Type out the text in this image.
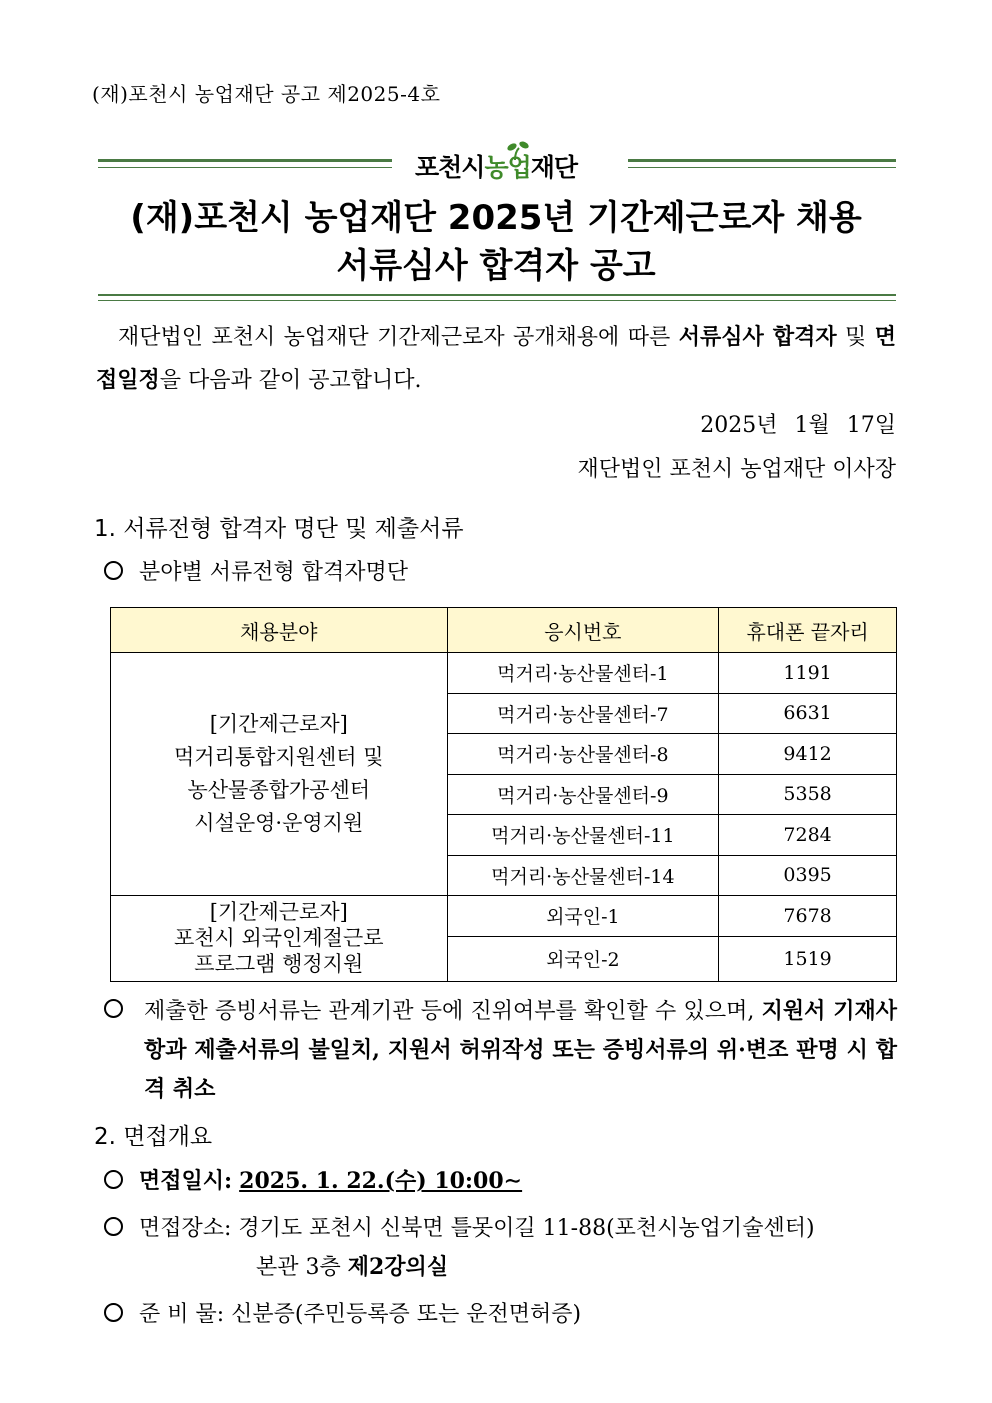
(재)포천시 농업재단 공고 제2025-4호
포천시농업재단
(재)포천시 농업재단 2025년 기간제근로자 채용
서류심사 합격자 공고
재단법인 포천시 농업재단 기간제근로자 공개채용에 따른 서류심사 합격자 및 면접일정을 다음과 같이 공고합니다.
2025년 1월 17일
재단법인 포천시 농업재단 이사장
1. 서류전형 합격자 명단 및 제출서류
분야별 서류전형 합격자명단
채용분야	응시번호	휴대폰 끝자리

[기간제근로자]
먹거리통합지원센터 및
농산물종합가공센터
시설운영·운영지원	먹거리·농산물센터-1	1191
	먹거리·농산물센터-7	6631
	먹거리·농산물센터-8	9412
	먹거리·농산물센터-9	5358
	먹거리·농산물센터-11	7284
	먹거리·농산물센터-14	0395

[기간제근로자]
포천시 외국인계절근로
프로그램 행정지원	외국인-1	7678
	외국인-2	1519
제출한 증빙서류는 관계기관 등에 진위여부를 확인할 수 있으며, 지원서 기재사항과 제출서류의 불일치, 지원서 허위작성 또는 증빙서류의 위·변조 판명 시 합격 취소
2. 면접개요
면접일시: 2025. 1. 22.(수) 10:00∼
면접장소: 경기도 포천시 신북면 틀못이길 11-88(포천시농업기술센터)
본관 3층 제2강의실
준 비 물: 신분증(주민등록증 또는 운전면허증)
